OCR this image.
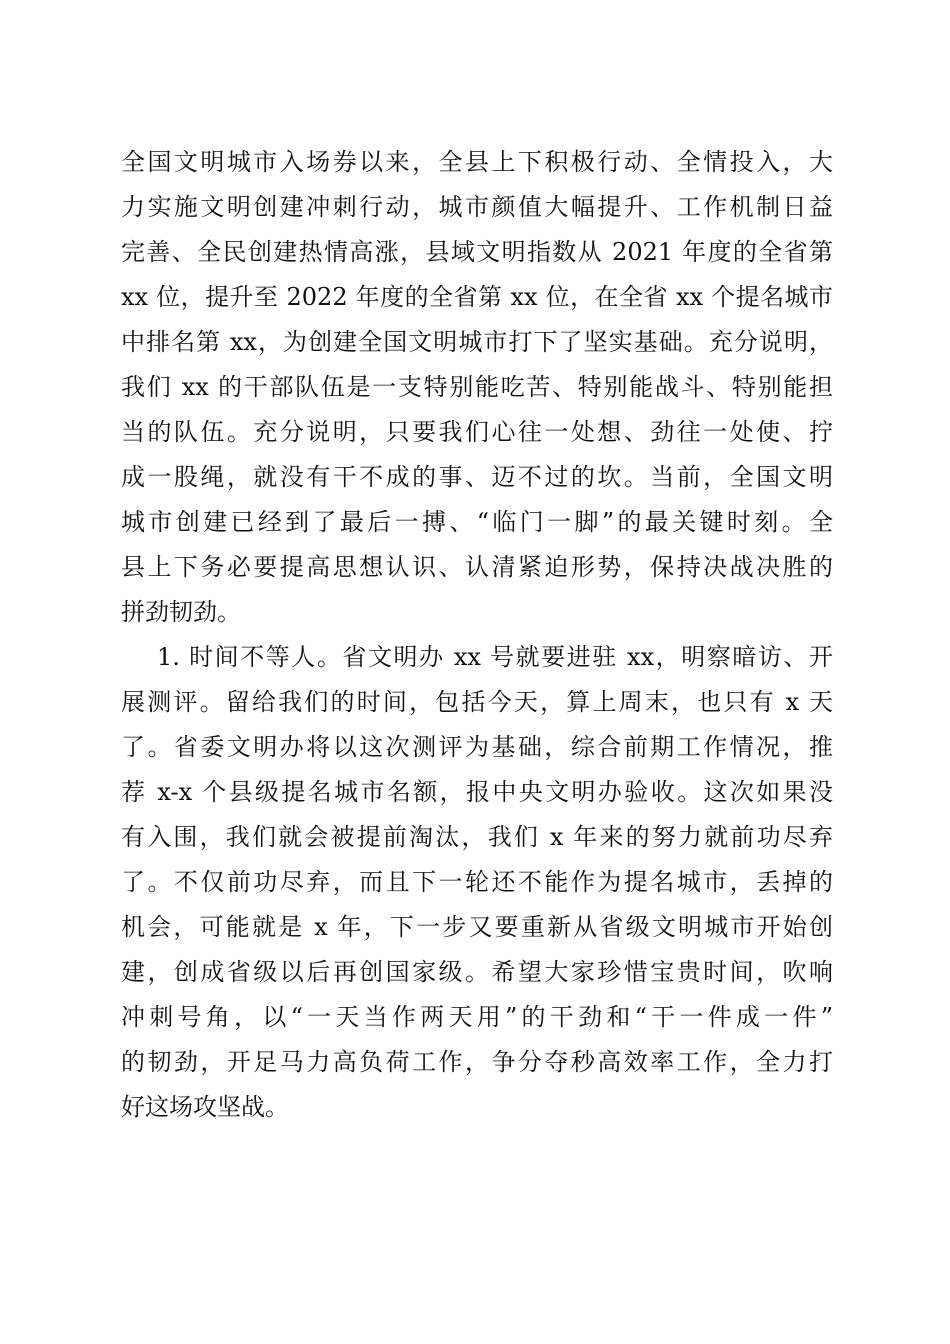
全国文明城市入场券以来，全县上下积极行动、全情投入，大
力实施文明创建冲刺行动，城市颜值大幅提升、工作机制日益
完善、全民创建热情高涨，县域文明指数从 2021 年度的全省第
xx 位，提升至 2022 年度的全省第 xx 位，在全省 xx 个提名城市
中排名第 xx，为创建全国文明城市打下了坚实基础。充分说明，
我们 xx 的干部队伍是一支特别能吃苦、特别能战斗、特别能担
当的队伍。充分说明，只要我们心往一处想、劲往一处使、拧
成一股绳，就没有干不成的事、迈不过的坎。当前，全国文明
城市创建已经到了最后一搏、“临门一脚”的最关键时刻。全
县上下务必要提高思想认识、认清紧迫形势，保持决战决胜的
拼劲韧劲。
1. 时间不等人。省文明办 xx 号就要进驻 xx，明察暗访、开
展测评。留给我们的时间，包括今天，算上周末，也只有 x 天
了。省委文明办将以这次测评为基础，综合前期工作情况，推
荐 x-x 个县级提名城市名额，报中央文明办验收。这次如果没
有入围，我们就会被提前淘汰，我们 x 年来的努力就前功尽弃
了。不仅前功尽弃，而且下一轮还不能作为提名城市，丢掉的
机会，可能就是 x 年，下一步又要重新从省级文明城市开始创
建，创成省级以后再创国家级。希望大家珍惜宝贵时间，吹响
冲刺号角，以“一天当作两天用”的干劲和“干一件成一件”
的韧劲，开足马力高负荷工作，争分夺秒高效率工作，全力打
好这场攻坚战。
